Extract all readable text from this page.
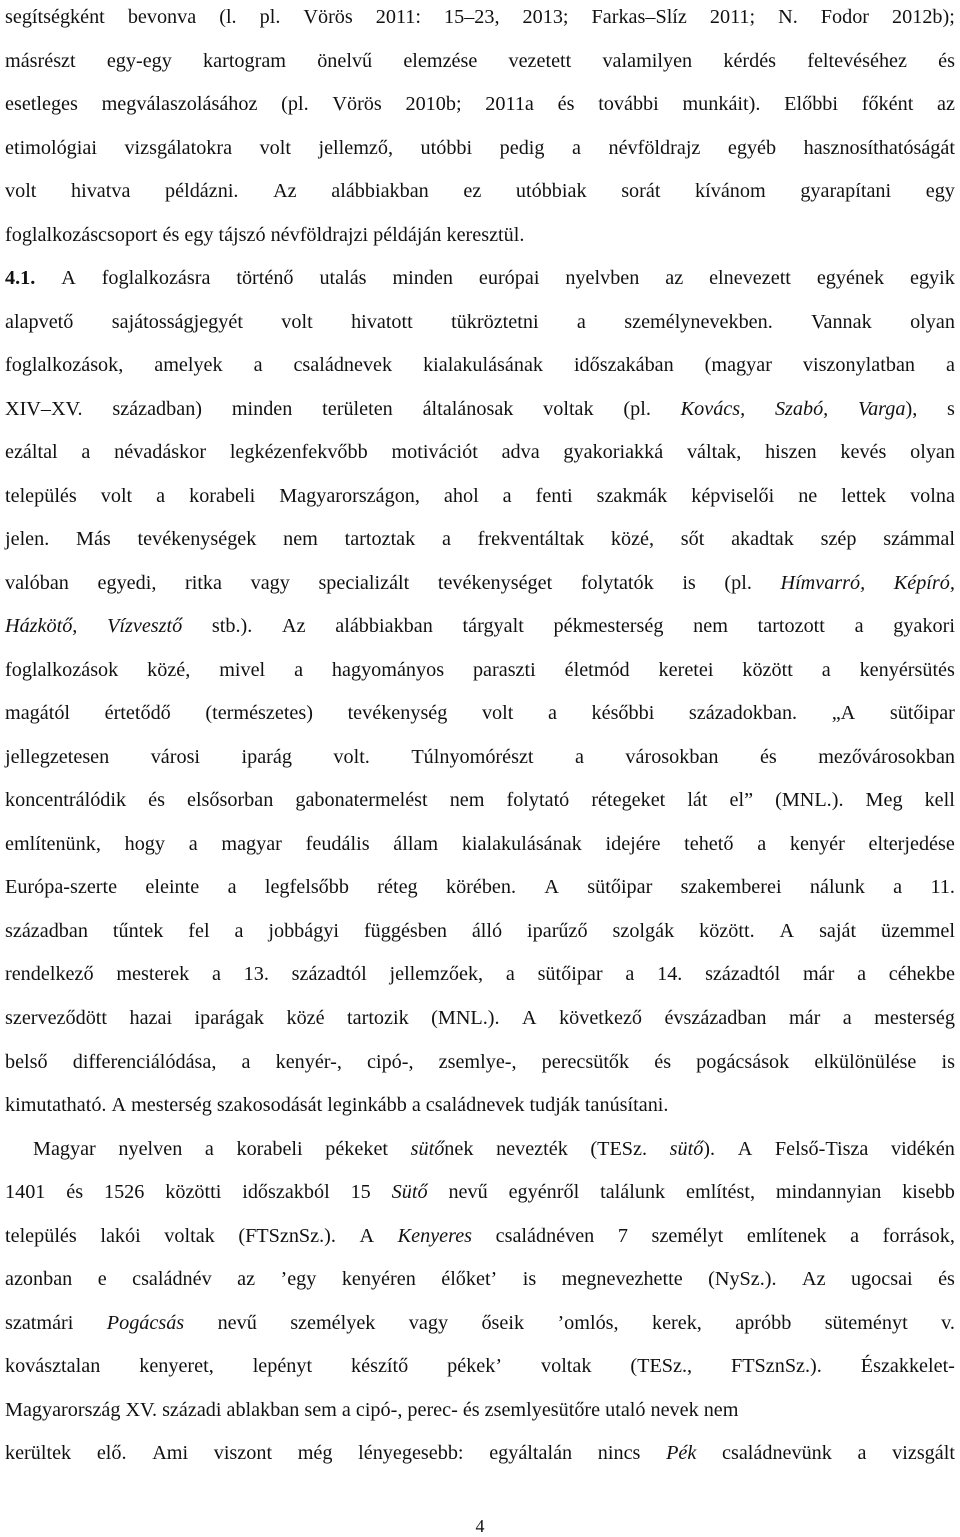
segítségként bevonva (l. pl. Vörös 2011: 15–23, 2013; Farkas–Slíz 2011; N. Fodor 2012b);
másrészt egy-egy kartogram önelvű elemzése vezetett valamilyen kérdés feltevéséhez és
esetleges megválaszolásához (pl. Vörös 2010b; 2011a és további munkáit). Előbbi főként az
etimológiai vizsgálatokra volt jellemző, utóbbi pedig a névföldrajz egyéb hasznosíthatóságát
volt hivatva példázni. Az alábbiakban ez utóbbiak sorát kívánom gyarapítani egy
foglalkozáscsoport és egy tájszó névföldrajzi példáján keresztül.
4.1. A foglalkozásra történő utalás minden európai nyelvben az elnevezett egyének egyik
alapvető sajátosságjegyét volt hivatott tükröztetni a személynevekben. Vannak olyan
foglalkozások, amelyek a családnevek kialakulásának időszakában (magyar viszonylatban a
XIV–XV. században) minden területen általánosak voltak (pl. Kovács, Szabó, Varga), s
ezáltal a névadáskor legkézenfekvőbb motivációt adva gyakoriakká váltak, hiszen kevés olyan
település volt a korabeli Magyarországon, ahol a fenti szakmák képviselői ne lettek volna
jelen. Más tevékenységek nem tartoztak a frekventáltak közé, sőt akadtak szép számmal
valóban egyedi, ritka vagy specializált tevékenységet folytatók is (pl. Hímvarró, Képíró,
Házkötő, Vízvesztő stb.). Az alábbiakban tárgyalt pékmesterség nem tartozott a gyakori
foglalkozások közé, mivel a hagyományos paraszti életmód keretei között a kenyérsütés
magától értetődő (természetes) tevékenység volt a későbbi századokban. „A sütőipar
jellegzetesen városi iparág volt. Túlnyomórészt a városokban és mezővárosokban
koncentrálódik és elsősorban gabonatermelést nem folytató rétegeket lát el” (MNL.). Meg kell
említenünk, hogy a magyar feudális állam kialakulásának idejére tehető a kenyér elterjedése
Európa-szerte eleinte a legfelsőbb réteg körében. A sütőipar szakemberei nálunk a 11.
században tűntek fel a jobbágyi függésben álló iparűző szolgák között. A saját üzemmel
rendelkező mesterek a 13. századtól jellemzőek, a sütőipar a 14. századtól már a céhekbe
szerveződött hazai iparágak közé tartozik (MNL.). A következő évszázadban már a mesterség
belső differenciálódása, a kenyér-, cipó-, zsemlye-, perecsütők és pogácsások elkülönülése is
kimutatható. A mesterség szakosodását leginkább a családnevek tudják tanúsítani.
Magyar nyelven a korabeli pékeket sütőnek nevezték (TESz. sütő). A Felső-Tisza vidékén
1401 és 1526 közötti időszakból 15 Sütő nevű egyénről találunk említést, mindannyian kisebb
település lakói voltak (FTSznSz.). A Kenyeres családnéven 7 személyt említenek a források,
azonban e családnév az ’egy kenyéren élőket’ is megnevezhette (NySz.). Az ugocsai és
szatmári Pogácsás nevű személyek vagy őseik ’omlós, kerek, apróbb süteményt v.
kovásztalan kenyeret, lepényt készítő pékek’ voltak (TESz., FTSznSz.). Északkelet-
Magyarország XV. századi ablakban sem a cipó-, perec- és zsemlyesütőre utaló nevek nem
kerültek elő. Ami viszont még lényegesebb: egyáltalán nincs Pék családnevünk a vizsgált
4
